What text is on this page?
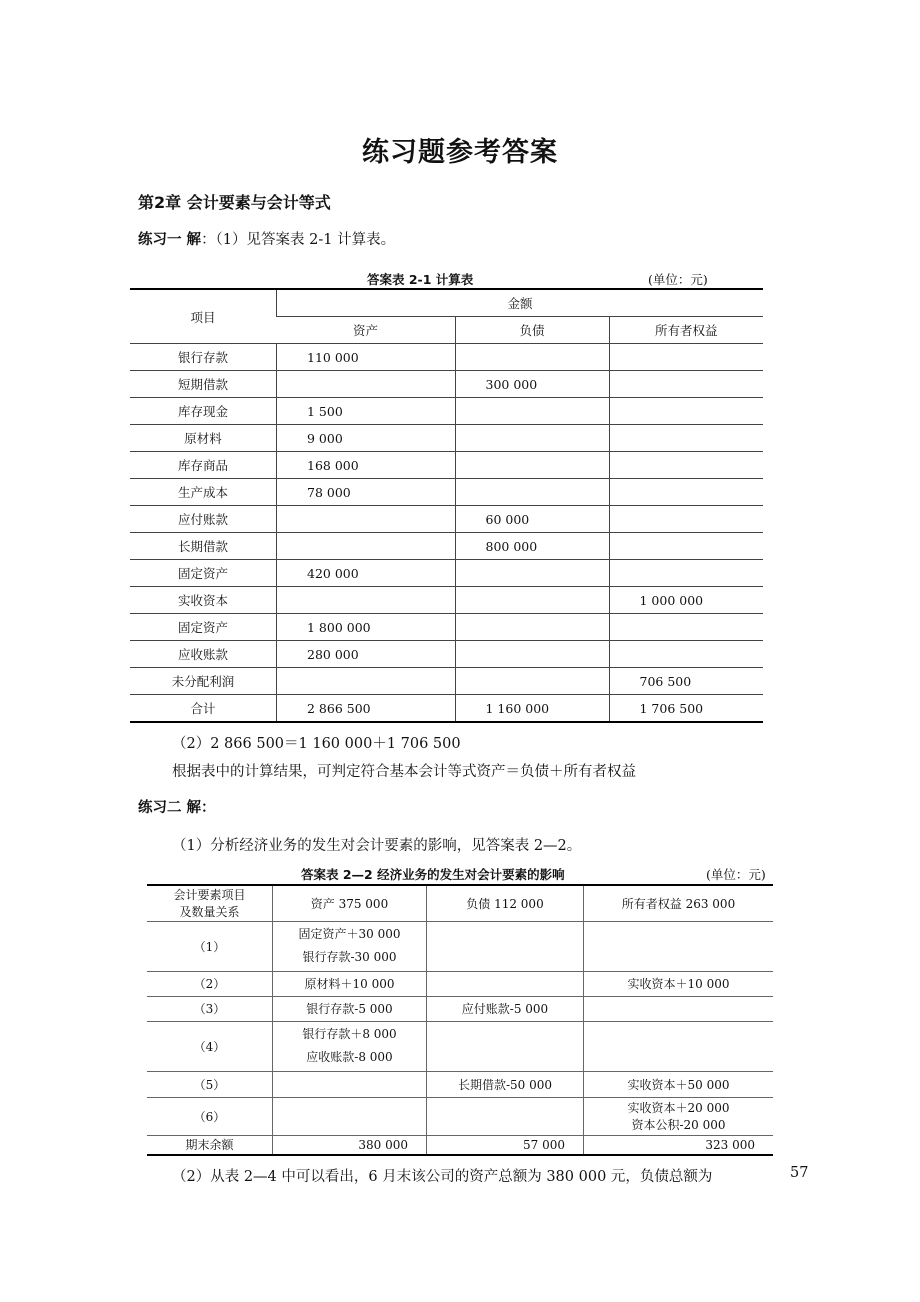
练习题参考答案
第2章 会计要素与会计等式
练习一 解：（1）见答案表 2-1 计算表。
答案表 2-1 计算表	(单位：元)
项目	金额		
	资产	负债	所有者权益
银行存款	110 000		
短期借款		300 000	
库存现金	1 500		
原材料	9 000		
库存商品	168 000		
生产成本	78 000		
应付账款		60 000	
长期借款		800 000	
固定资产	420 000		
实收资本			1 000 000
固定资产	1 800 000		
应收账款	280 000		
未分配利润			706 500
合计	2 866 500	1 160 000	1 706 500
（2）2 866 500＝1 160 000＋1 706 500
根据表中的计算结果，可判定符合基本会计等式资产＝负债＋所有者权益
练习二 解：
（1）分析经济业务的发生对会计要素的影响，见答案表 2—2。
答案表 2—2 经济业务的发生对会计要素的影响	(单位：元)
会计要素项目
及数量关系	资产 375 000	负债 112 000	所有者权益 263 000
（1）	固定资产＋30 000
银行存款-30 000		

（2）	原材料＋10 000		实收资本＋10 000

（3）	银行存款-5 000	应付账款-5 000	

（4）	银行存款＋8 000
应收账款-8 000		

（5）		长期借款-50 000	实收资本＋50 000

（6）			实收资本＋20 000
资本公积-20 000

期末余额	380 000	57 000	323 000
（2）从表 2—4 中可以看出，6 月末该公司的资产总额为 380 000 元，负债总额为	57
